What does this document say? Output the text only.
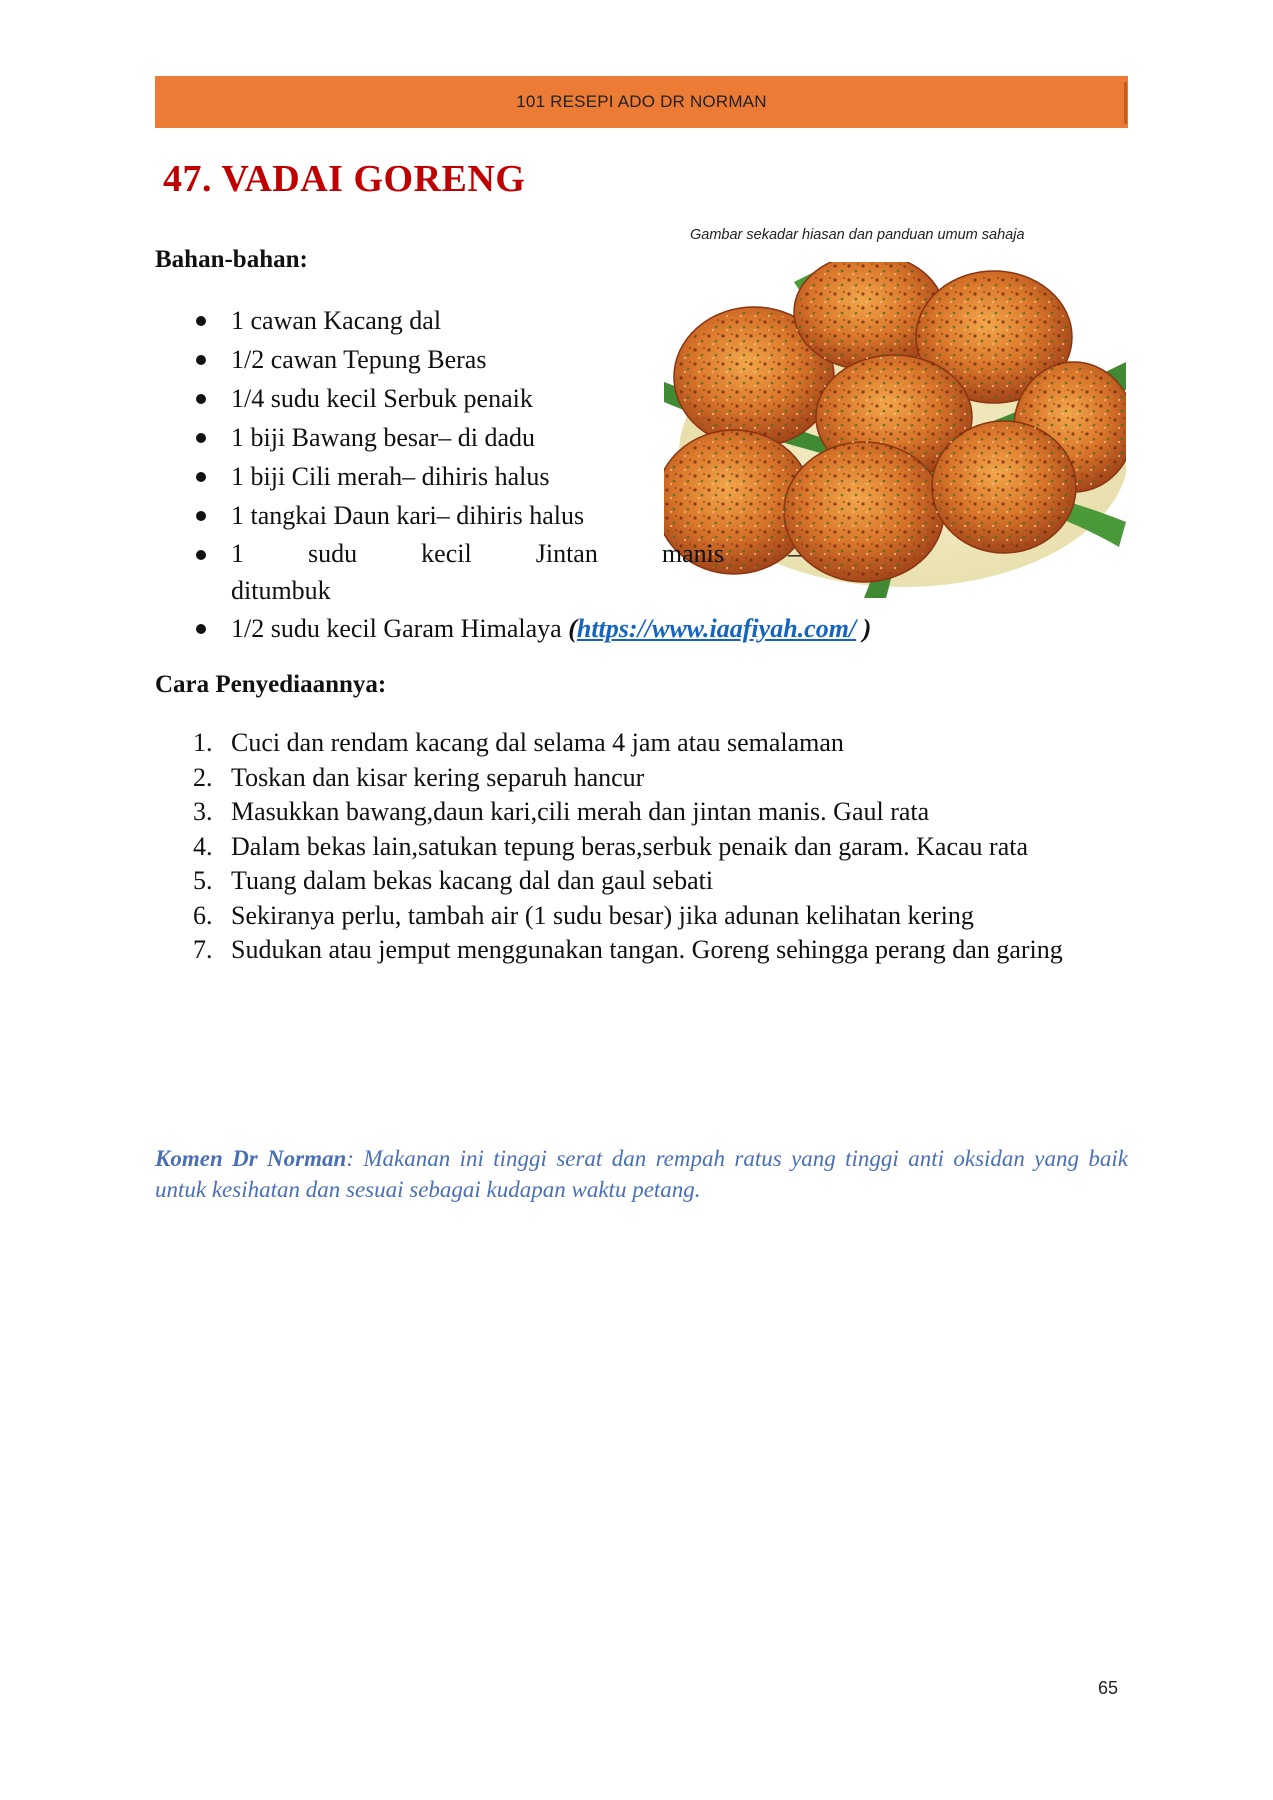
101 RESEPI ADO DR NORMAN
47. VADAI GORENG
Gambar sekadar hiasan dan panduan umum sahaja
Bahan-bahan:
1 cawan Kacang dal
1/2 cawan Tepung Beras
1/4 sudu kecil Serbuk penaik
1 biji Bawang besar– di dadu
1 biji Cili merah– dihiris halus
1 tangkai Daun kari– dihiris halus
1 sudu kecil Jintan manis –
ditumbuk
1/2 sudu kecil Garam Himalaya (https://www.iaafiyah.com/ )
Cara Penyediaannya:
1. Cuci dan rendam kacang dal selama 4 jam atau semalaman
2. Toskan dan kisar kering separuh hancur
3. Masukkan bawang,daun kari,cili merah dan jintan manis. Gaul rata
4. Dalam bekas lain,satukan tepung beras,serbuk penaik dan garam. Kacau rata
5. Tuang dalam bekas kacang dal dan gaul sebati
6. Sekiranya perlu, tambah air (1 sudu besar) jika adunan kelihatan kering
7. Sudukan atau jemput menggunakan tangan. Goreng sehingga perang dan garing

Komen Dr Norman: Makanan ini tinggi serat dan rempah ratus yang tinggi anti oksidan yang baik untuk kesihatan dan sesuai sebagai kudapan waktu petang.

65
